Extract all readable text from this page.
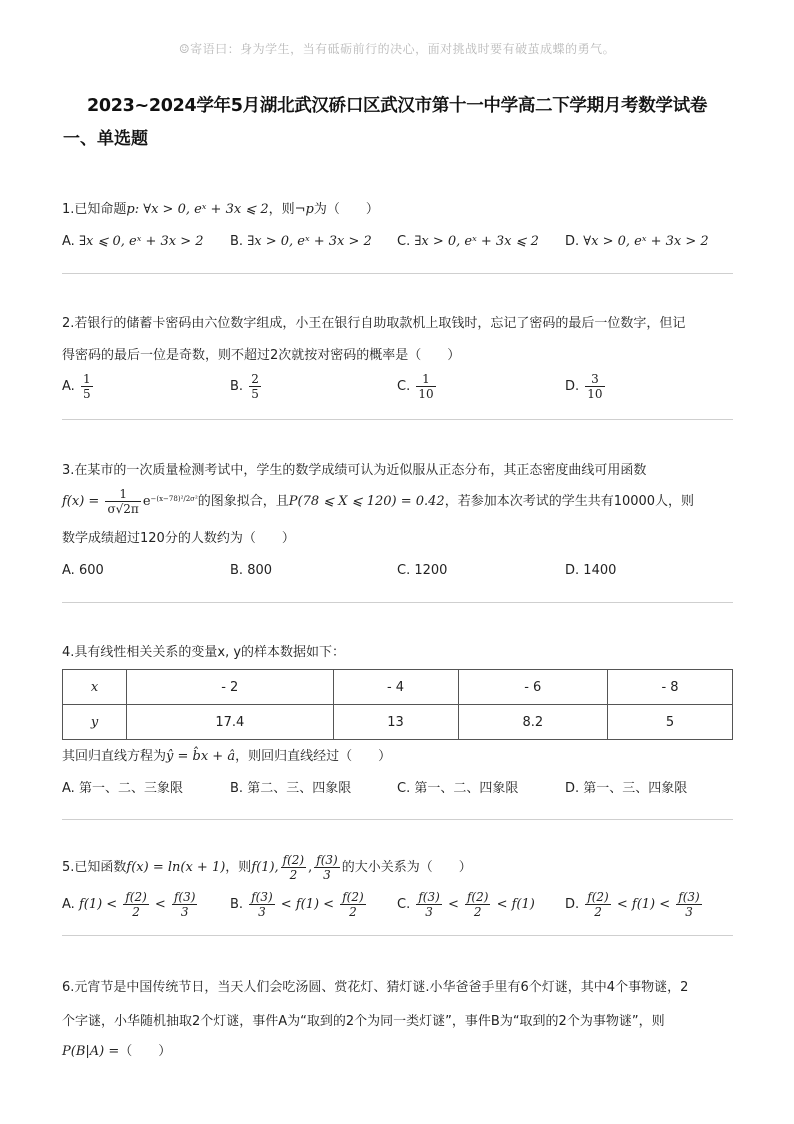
☺寄语曰：身为学生，当有砥砺前行的决心，面对挑战时要有破茧成蝶的勇气。
2023~2024学年5月湖北武汉硚口区武汉市第十一中学高二下学期月考数学试卷
一、单选题
1.已知命题p: ∀x > 0, eˣ + 3x ⩽ 2，则¬p为（　　）
A. ∃x ⩽ 0, eˣ + 3x > 2 B. ∃x > 0, eˣ + 3x > 2 C. ∃x > 0, eˣ + 3x ⩽ 2 D. ∀x > 0, eˣ + 3x > 2
2.若银行的储蓄卡密码由六位数字组成，小王在银行自助取款机上取钱时，忘记了密码的最后一位数字，但记
得密码的最后一位是奇数，则不超过2次就按对密码的概率是（　　）
A. $\frac{1}{5}$	B. $\frac{2}{5}$	C. $\frac{1}{10}$	D. $\frac{3}{10}$
3.在某市的一次质量检测考试中，学生的数学成绩可认为近似服从正态分布，其正态密度曲线可用函数
$f(x) = \frac{1}{\sigma√2\pi} e^{-(x-78)^2/2\sigma^2}$的图象拟合，且P(78 ⩽ X ⩽ 120) = 0.42，若参加本次考试的学生共有10000人，则
数学成绩超过120分的人数约为（　　）
A. 600	B. 800	C. 1200	D. 1400
4.具有线性相关关系的变量x, y的样本数据如下：
x	- 2	- 4	- 6	- 8
y	17.4	13	8.2	5
其回归直线方程为ŷ = b̂x + â，则回归直线经过（　　）
A. 第一、二、三象限	B. 第二、三、四象限	C. 第一、二、四象限	D. 第一、三、四象限
5.已知函数f(x) = ln(x + 1)，则f(1), $\frac{f(2)}{2}$ , $\frac{f(3)}{3}$ 的大小关系为（　　）
A. $f(1) < \frac{f(2)}{2} < \frac{f(3)}{3}$	B. $\frac{f(3)}{3} < f(1) < \frac{f(2)}{2} C$. $\frac{f(3)}{3} < \frac{f(2)}{2} < f(1)$ D. $\frac{f(2)}{2} < f(1) < \frac{f(3)}{3}$
6.元宵节是中国传统节日，当天人们会吃汤圆、赏花灯、猜灯谜.小华爸爸手里有6个灯谜，其中4个事物谜，2
个字谜，小华随机抽取2个灯谜，事件A为“取到的2个为同一类灯谜”，事件B为“取到的2个为事物谜”，则
P(B|A) =（　　）
